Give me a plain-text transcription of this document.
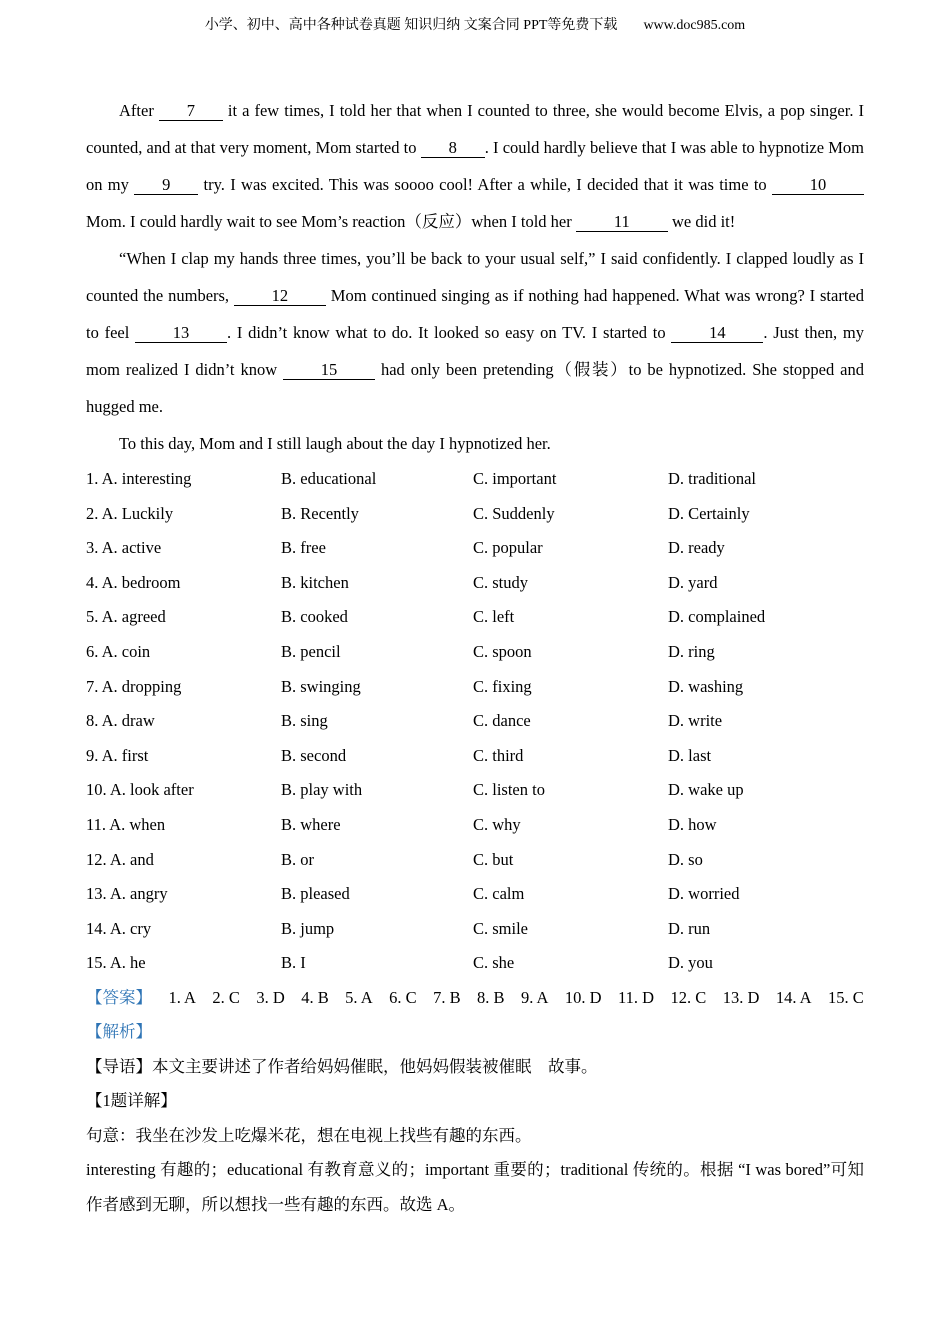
小学、初中、高中各种试卷真题 知识归纳 文案合同 PPT等免费下载 www.doc985.com

After 7 it a few times, I told her that when I counted to three, she would become Elvis, a pop singer. I counted, and at that very moment, Mom started to 8 . I could hardly believe that I was able to hypnotize Mom on my 9 try. I was excited. This was soooo cool! After a while, I decided that it was time to 10 Mom. I could hardly wait to see Mom’s reaction（反应）when I told her 11 we did it!

“When I clap my hands three times, you’ll be back to your usual self,” I said confidently. I clapped loudly as I counted the numbers, 12 Mom continued singing as if nothing had happened. What was wrong? I started to feel 13 . I didn’t know what to do. It looked so easy on TV. I started to 14 . Just then, my mom realized I didn’t know 15 had only been pretending（假装）to be hypnotized. She stopped and hugged me.

To this day, Mom and I still laugh about the day I hypnotized her.

1. A. interesting	B. educational	C. important	D. traditional
2. A. Luckily	B. Recently	C. Suddenly	D. Certainly
3. A. active	B. free	C. popular	D. ready
4. A. bedroom	B. kitchen	C. study	D. yard
5. A. agreed	B. cooked	C. left	D. complained
6. A. coin	B. pencil	C. spoon	D. ring
7. A. dropping	B. swinging	C. fixing	D. washing
8. A. draw	B. sing	C. dance	D. write
9. A. first	B. second	C. third	D. last
10. A. look after	B. play with	C. listen to	D. wake up
11. A. when	B. where	C. why	D. how
12. A. and	B. or	C. but	D. so
13. A. angry	B. pleased	C. calm	D. worried
14. A. cry	B. jump	C. smile	D. run
15. A. he	B. I	C. she	D. you
【答案】 1. A 2. C 3. D 4. B 5. A 6. C 7. B 8. B 9. A 10. D 11. D 12. C 13. D 14. A 15. C
【解析】
【导语】本文主要讲述了作者给妈妈催眠，他妈妈假装被催眠　故事。
【1题详解】
句意：我坐在沙发上吃爆米花，想在电视上找些有趣的东西。
interesting 有趣的；educational 有教育意义的；important 重要的；traditional 传统的。根据 “I was bored”可知作者感到无聊，所以想找一些有趣的东西。故选 A。
